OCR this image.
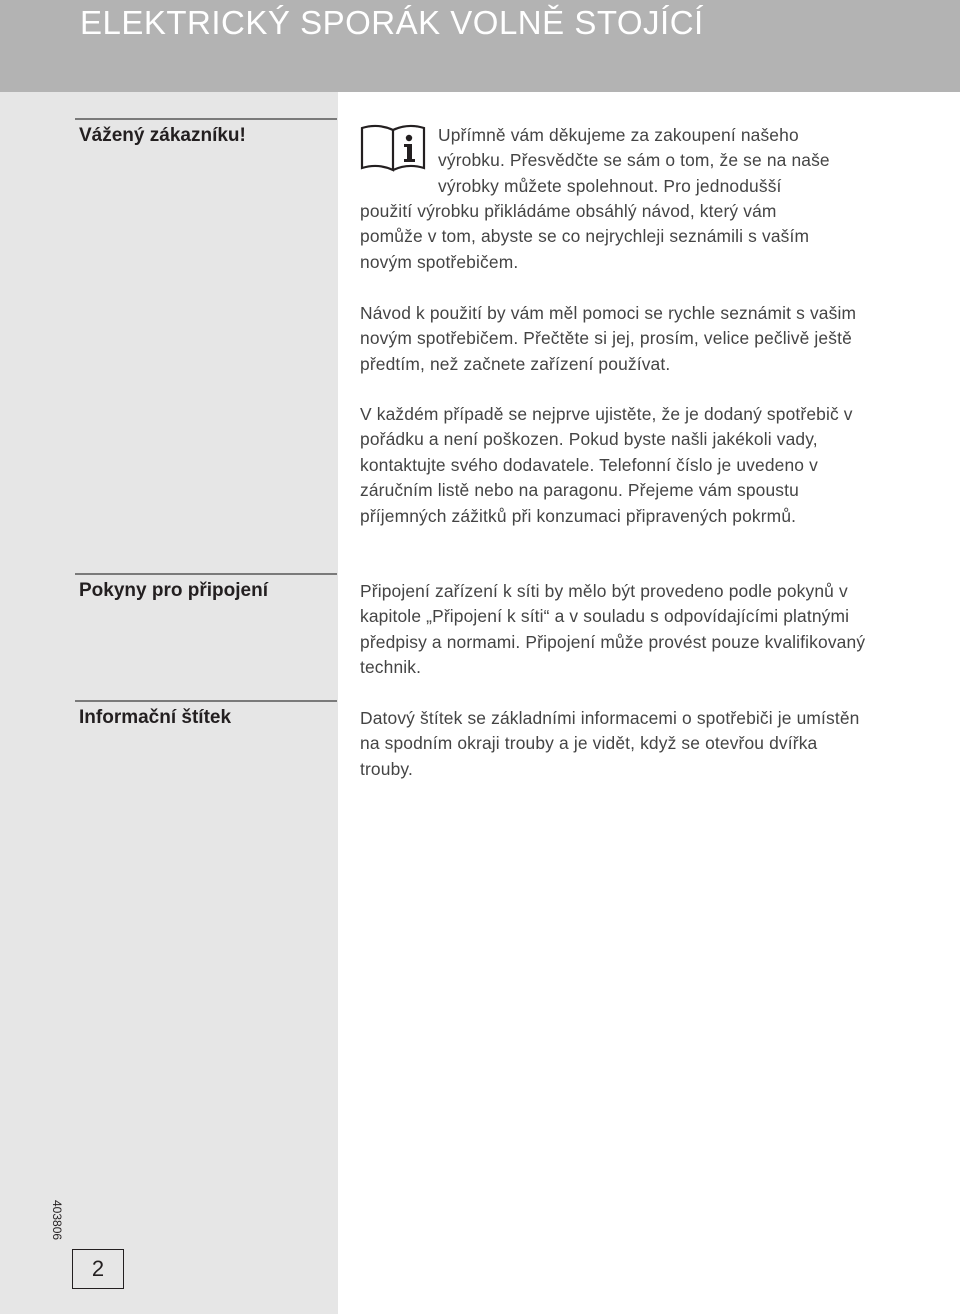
ELEKTRICKÝ SPORÁK VOLNĚ STOJÍCÍ
Vážený zákazníku!
Pokyny pro připojení
Informační štítek
Upřímně vám děkujeme za zakoupení našeho
výrobku. Přesvědčte se sám o tom, že se na naše
výrobky můžete spolehnout. Pro jednodušší
použití výrobku přikládáme obsáhlý návod, který vám
pomůže v tom, abyste se co nejrychleji seznámili s vaším
novým spotřebičem.
Návod k použití by vám měl pomoci se rychle seznámit s vašim novým spotřebičem. Přečtěte si jej, prosím, velice pečlivě ještě předtím, než začnete zařízení používat.
V každém případě se nejprve ujistěte, že je dodaný spotřebič v pořádku a není poškozen. Pokud byste našli jakékoli vady, kontaktujte svého dodavatele. Telefonní číslo je uvedeno v záručním listě nebo na paragonu. Přejeme vám spoustu příjemných zážitků při konzumaci připravených pokrmů.
Připojení zařízení k síti by mělo být provedeno podle pokynů v kapitole „Připojení k síti“ a v souladu s odpovídajícími platnými předpisy a normami. Připojení může provést pouze kvalifikovaný technik.
Datový štítek se základními informacemi o spotřebiči je umístěn na spodním okraji trouby a je vidět, když se otevřou dvířka trouby.
403806
2
